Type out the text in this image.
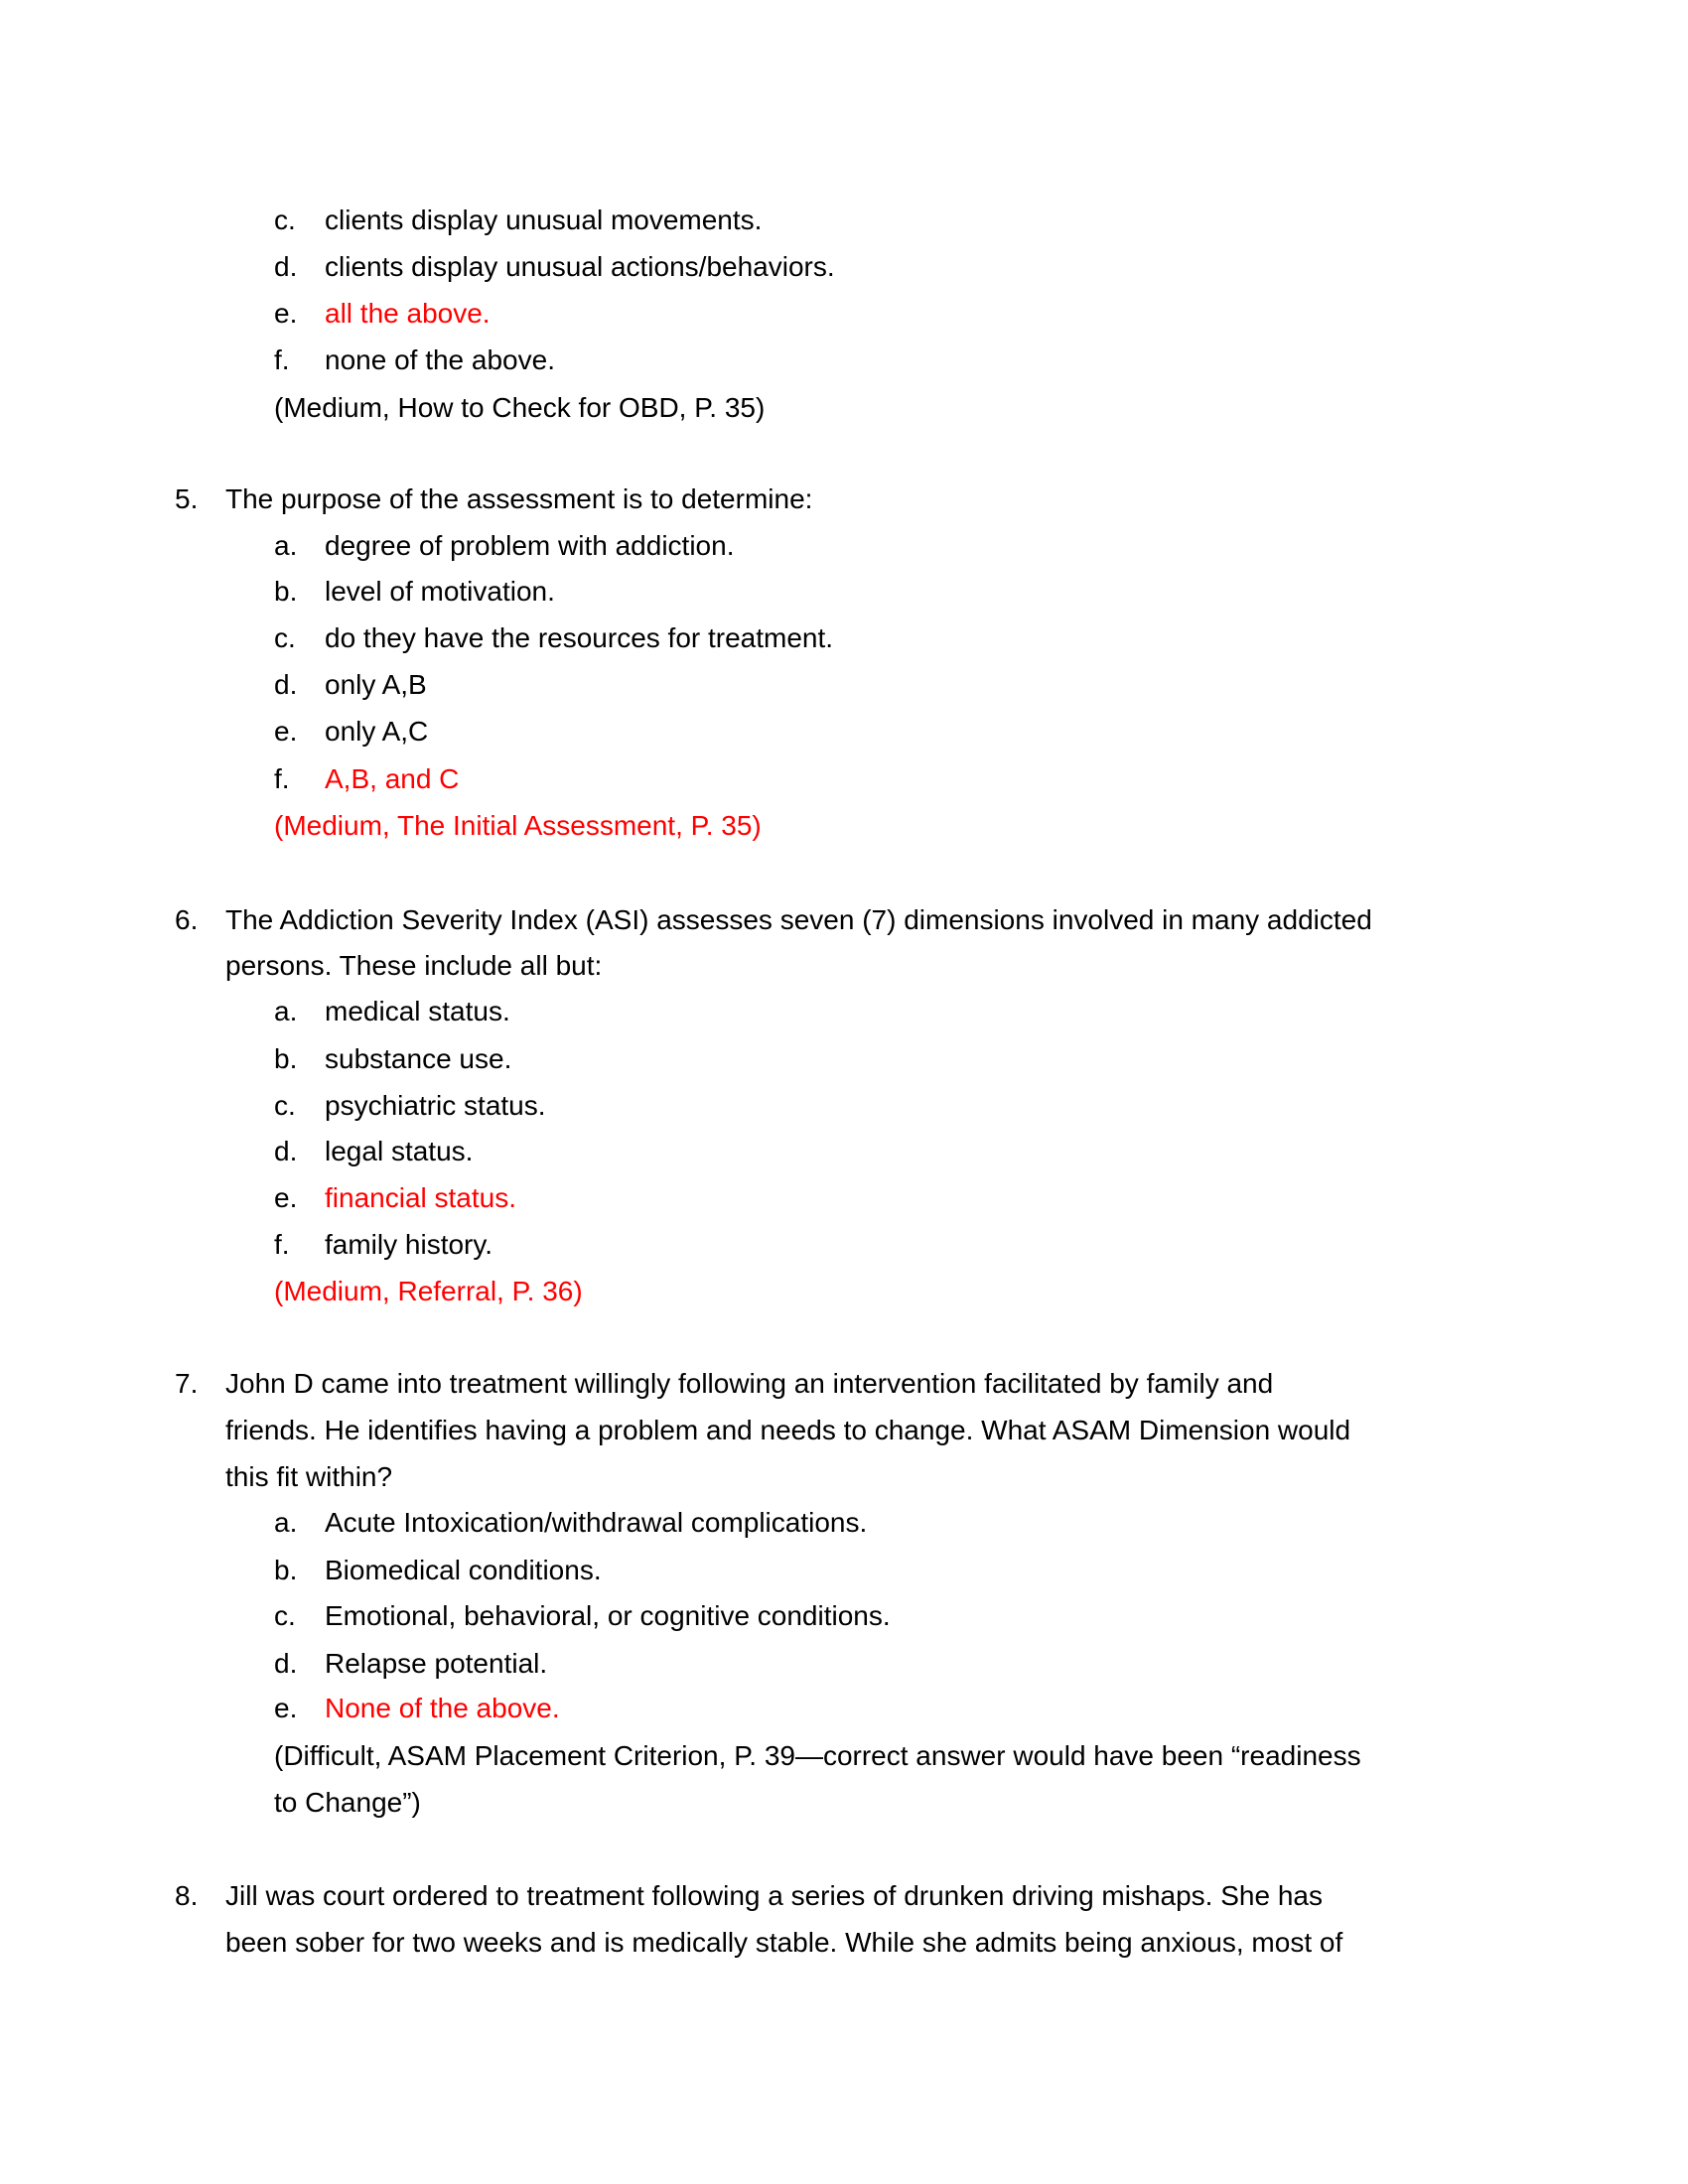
c. clients display unusual movements.
d. clients display unusual actions/behaviors.
e. all the above.
f. none of the above.
(Medium, How to Check for OBD, P. 35)
5. The purpose of the assessment is to determine:
a. degree of problem with addiction.
b. level of motivation.
c. do they have the resources for treatment.
d. only A,B
e. only A,C
f. A,B, and C
(Medium, The Initial Assessment, P. 35)
6. The Addiction Severity Index (ASI) assesses seven (7) dimensions involved in many addicted
persons. These include all but:
a. medical status.
b. substance use.
c. psychiatric status.
d. legal status.
e. financial status.
f. family history.
(Medium, Referral, P. 36)
7. John D came into treatment willingly following an intervention facilitated by family and
friends. He identifies having a problem and needs to change. What ASAM Dimension would
this fit within?
a. Acute Intoxication/withdrawal complications.
b. Biomedical conditions.
c. Emotional, behavioral, or cognitive conditions.
d. Relapse potential.
e. None of the above.
(Difficult, ASAM Placement Criterion, P. 39—correct answer would have been “readiness
to Change”)
8. Jill was court ordered to treatment following a series of drunken driving mishaps. She has
been sober for two weeks and is medically stable. While she admits being anxious, most of
